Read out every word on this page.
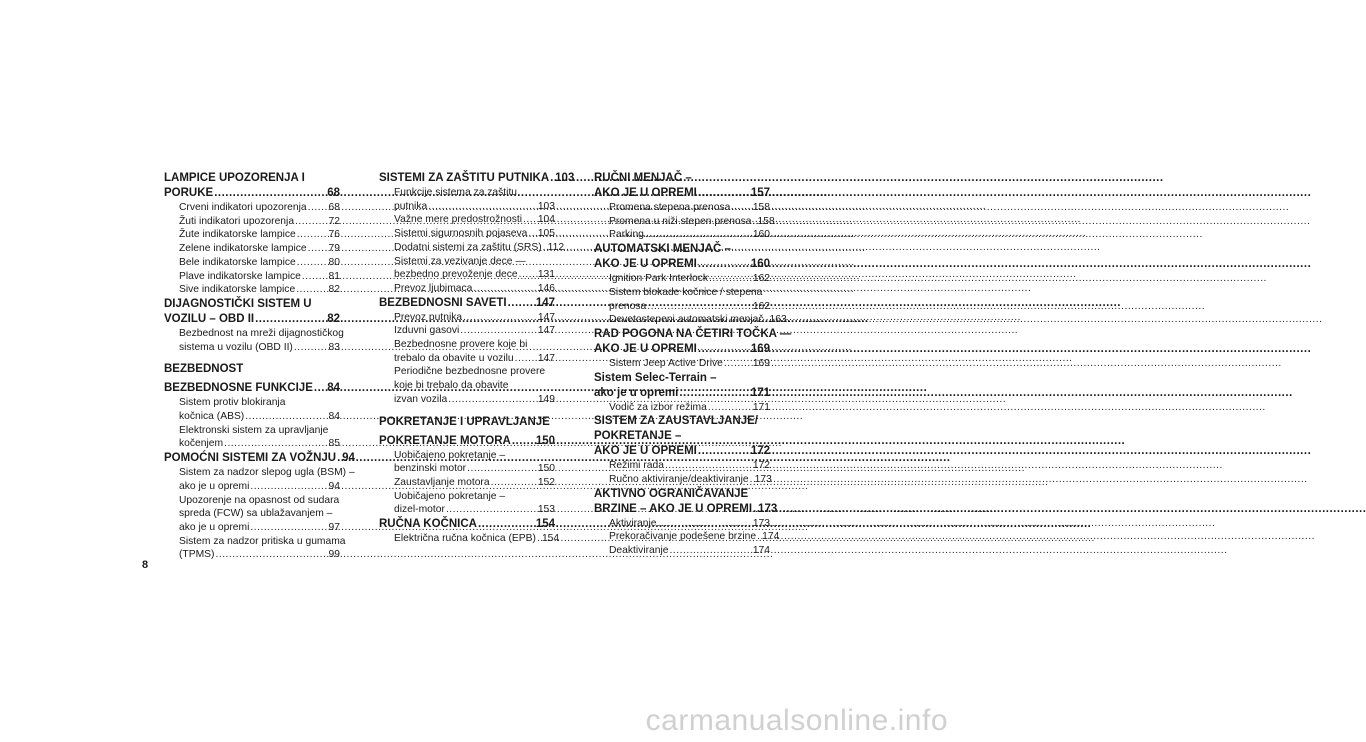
LAMPICE UPOZORENJA I
PORUKE .....	68
Crveni indikatori upozorenja ..... 68
Žuti indikatori upozorenja .....	72
Žute indikatorske lampice .....	76
Zelene indikatorske lampice ..... 79
Bele indikatorske lampice .....	80
Plave indikatorske lampice .....	81
Sive indikatorske lampice .....	82
DIJAGNOSTIČKI SISTEM U
VOZILU – OBD II .....	82
Bezbednost na mreži dijagnostičkog
sistema u vozilu (OBD II) .....	83
BEZBEDNOST
BEZBEDNOSNE FUNKCIJE ..... 84
Sistem protiv blokiranja
kočnica (ABS) .....	84
Elektronski sistem za upravljanje
kočenjem .....	85
POMOĆNI SISTEMI ZA VOŽNJU ..... 94
Sistem za nadzor slepog ugla (BSM) –
ako je u opremi .....	94
Upozorenje na opasnost od sudara
spreda (FCW) sa ublažavanjem –
ako je u opremi .....	97
Sistem za nadzor pritiska u gumama
(TPMS) .....	99
SISTEMI ZA ZAŠTITU PUTNIKA ..... 103
Funkcije sistema za zaštitu
putnika .....	103
Važne mere predostrožnosti ..... 104
Sistemi sigurnosnih pojaseva ..... 105
Dodatni sistemi za zaštitu (SRS) ..... 112
Sistemi za vezivanje dece —
bezbedno prevoženje dece ..... 131
Prevoz ljubimaca .....	146
BEZBEDNOSNI SAVETI .....	147
Prevoz putnika .....	147
Izduvni gasovi .....	147
Bezbednosne provere koje bi
trebalo da obavite u vozilu ..... 147
Periodične bezbednosne provere
koje bi trebalo da obavite
izvan vozila .....	149
POKRETANJE I UPRAVLJANJE
POKRETANJE MOTORA ..... 150
Uobičajeno pokretanje –
benzinski motor .....	150
Zaustavljanje motora .....	152
Uobičajeno pokretanje –
dizel-motor .....	153
RUČNA KOČNICA .....	154
Električna ručna kočnica (EPB) ..... 154
RUČNI MENJAČ –
AKO JE U OPREMI .....	157
Promena stepena prenosa ..... 158
Promena u niži stepen prenosa ..... 158
Parking .....	160
AUTOMATSKI MENJAČ –
AKO JE U OPREMI .....	160
Ignition Park Interlock .....	162
Sistem blokade kočnice / stepena
prenosa .....	162
Devetostepeni automatski menjač ..... 163
RAD POGONA NA ČETIRI TOČKA —
AKO JE U OPREMI .....	169
Sistem Jeep Active Drive .....	169
Sistem Selec-Terrain –
ako je u opremi .....	171
Vodič za izbor režima .....	171
SISTEM ZA ZAUSTAVLJANJE/
POKRETANJE –
AKO JE U OPREMI .....	172
Režimi rada .....	172
Ručno aktiviranje/deaktiviranje ..... 173
AKTIVNO OGRANIČAVANJE
BRZINE – AKO JE U OPREMI ..... 173
Aktiviranje .....	173
Prekoračivanje podešene brzine ..... 174
Deaktiviranje .....	174
8
carmanualsonline.info
